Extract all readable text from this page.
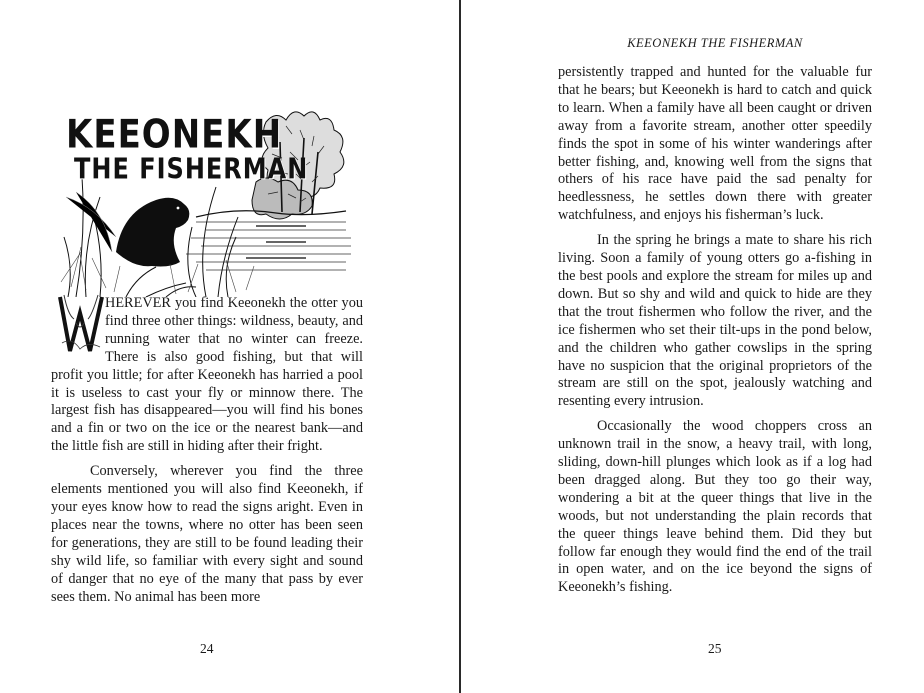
KEEONEKH
THE FISHERMAN
W

HEREVER you find Keeonekh the otter you find three other things: wildness, beauty, and running water that no winter can freeze. There is also good fishing, but that will profit you little; for after Keeonekh has harried a pool it is useless to cast your fly or minnow there. The largest fish has disappeared—you will find his bones and a fin or two on the ice or the nearest bank—and the little fish are still in hiding after their fright.

Conversely, wherever you find the three elements mentioned you will also find Keeonekh, if your eyes know how to read the signs aright. Even in places near the towns, where no otter has been seen for generations, they are still to be found leading their shy wild life, so familiar with every sight and sound of danger that no eye of the many that pass by ever sees them. No animal has been more

24
KEEONEKH THE FISHERMAN

persistently trapped and hunted for the valuable fur that he bears; but Keeonekh is hard to catch and quick to learn. When a family have all been caught or driven away from a favorite stream, another otter speedily finds the spot in some of his winter wanderings after better fishing, and, knowing well from the signs that others of his race have paid the sad penalty for heedlessness, he settles down there with greater watchfulness, and enjoys his fisherman’s luck.

In the spring he brings a mate to share his rich living. Soon a family of young otters go a-fishing in the best pools and explore the stream for miles up and down. But so shy and wild and quick to hide are they that the trout fishermen who follow the river, and the ice fishermen who set their tilt-ups in the pond below, and the children who gather cowslips in the spring have no suspicion that the original proprietors of the stream are still on the spot, jealously watching and resenting every intrusion.

Occasionally the wood choppers cross an unknown trail in the snow, a heavy trail, with long, sliding, down-hill plunges which look as if a log had been dragged along. But they too go their way, wondering a bit at the queer things that live in the woods, but not understanding the plain records that the queer things leave behind them. Did they but follow far enough they would find the end of the trail in open water, and on the ice beyond the signs of Keeonekh’s fishing.

25
